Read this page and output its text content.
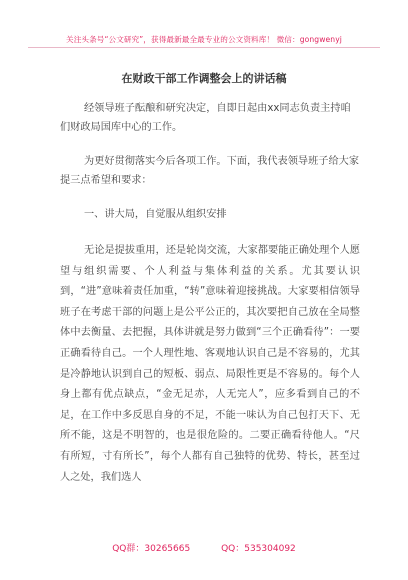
关注头条号“公文研究”，获得最新最全最专业的公文资料库！ 微信：gongwenyj
在财政干部工作调整会上的讲话稿
经领导班子酝酿和研究决定，自即日起由xx同志负责主持咱们财政局国库中心的工作。
为更好贯彻落实今后各项工作。下面，我代表领导班子给大家提三点希望和要求：
一、讲大局，自觉服从组织安排
无论是提拔重用，还是轮岗交流，大家都要能正确处理个人愿望与组织需要、个人利益与集体利益的关系。尤其要认识到，“进”意味着责任加重，“转”意味着迎接挑战。大家要相信领导班子在考虑干部的问题上是公平公正的，其次要把自己放在全局整体中去衡量、去把握，具体讲就是努力做到“三个正确看待”：一要正确看待自己。一个人理性地、客观地认识自己是不容易的，尤其是冷静地认识到自己的短板、弱点、局限性更是不容易的。每个人身上都有优点缺点，“金无足赤，人无完人”，应多看到自己的不足，在工作中多反思自身的不足，不能一味认为自己包打天下、无所不能，这是不明智的，也是很危险的。二要正确看待他人。“尺有所短，寸有所长”，每个人都有自己独特的优势、特长，甚至过人之处，我们选人
QQ群：30265665	QQ：535304092
